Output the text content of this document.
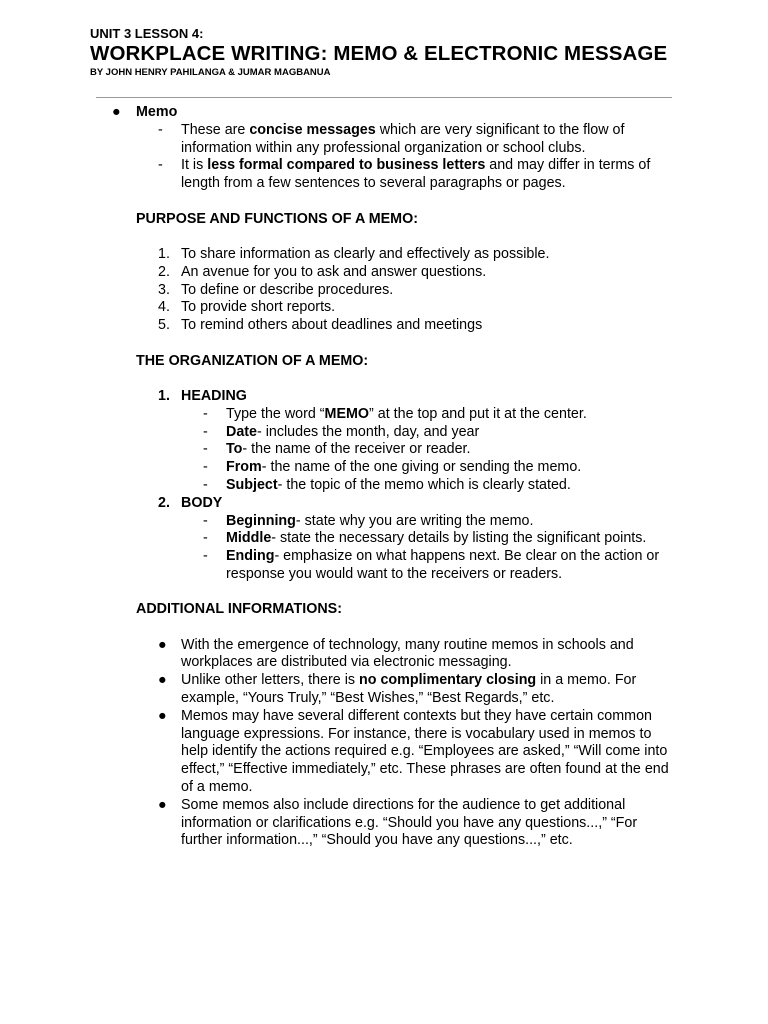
UNIT 3 LESSON 4:
WORKPLACE WRITING: MEMO & ELECTRONIC MESSAGE
BY JOHN HENRY PAHILANGA & JUMAR MAGBANUA
● Memo
- These are concise messages which are very significant to the flow of information within any professional organization or school clubs.
- It is less formal compared to business letters and may differ in terms of length from a few sentences to several paragraphs or pages.
PURPOSE AND FUNCTIONS OF A MEMO:
1. To share information as clearly and effectively as possible.
2. An avenue for you to ask and answer questions.
3. To define or describe procedures.
4. To provide short reports.
5. To remind others about deadlines and meetings
THE ORGANIZATION OF A MEMO:
1. HEADING
- Type the word “MEMO” at the top and put it at the center.
- Date- includes the month, day, and year
- To- the name of the receiver or reader.
- From- the name of the one giving or sending the memo.
- Subject- the topic of the memo which is clearly stated.
2. BODY
- Beginning- state why you are writing the memo.
- Middle- state the necessary details by listing the significant points.
- Ending- emphasize on what happens next. Be clear on the action or response you would want to the receivers or readers.
ADDITIONAL INFORMATIONS:
● With the emergence of technology, many routine memos in schools and workplaces are distributed via electronic messaging.
● Unlike other letters, there is no complimentary closing in a memo. For example, “Yours Truly,” “Best Wishes,” “Best Regards,” etc.
● Memos may have several different contexts but they have certain common language expressions. For instance, there is vocabulary used in memos to help identify the actions required e.g. “Employees are asked,” “Will come into effect,” “Effective immediately,” etc. These phrases are often found at the end of a memo.
● Some memos also include directions for the audience to get additional information or clarifications e.g. “Should you have any questions...,” “For further information...,” “Should you have any questions...,” etc.
